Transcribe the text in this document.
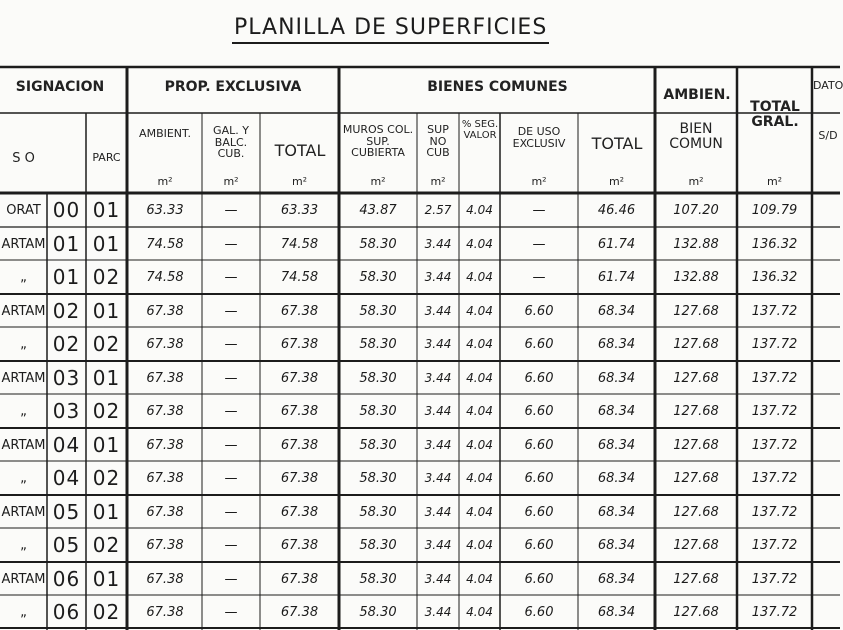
PLANILLA DE SUPERFICIES
SIGNACION	PROP. EXCLUSIVA	BIENES COMUNES	AMBIEN.
TOTAL GRAL.
DATO
S O	PARC
AMBIENT.	GAL. Y BALC. CUB.	TOTAL
MUROS COL. SUP. CUBIERTA
SUP NO CUB
% SEG. VALOR	DE USO EXCLUSIV	TOTAL
BIEN COMUN
S/D
m²	m²	m²	m²	m²	m²	m²	m²	m²
ORAT 00 01	63.33	—	63.33	43.87	2.57	4.04	—	46.46	107.20	109.79
ARTAM 01 01	74.58	—	74.58	58.30	3.44	4.04	—	61.74	132.88	136.32
„	01 02	74.58	—	74.58	58.30	3.44	4.04	—	61.74	132.88	136.32
ARTAM 02 01	67.38	—	67.38	58.30	3.44	4.04	6.60	68.34	127.68	137.72
„	02 02	67.38	—	67.38	58.30	3.44	4.04	6.60	68.34	127.68	137.72
ARTAM 03 01	67.38	—	67.38	58.30	3.44	4.04	6.60	68.34	127.68	137.72
„	03 02	67.38	—	67.38	58.30	3.44	4.04	6.60	68.34	127.68	137.72
ARTAM 04 01	67.38	—	67.38	58.30	3.44	4.04	6.60	68.34	127.68	137.72
„	04 02	67.38	—	67.38	58.30	3.44	4.04	6.60	68.34	127.68	137.72
ARTAM 05 01	67.38	—	67.38	58.30	3.44	4.04	6.60	68.34	127.68	137.72
„	05 02	67.38	—	67.38	58.30	3.44	4.04	6.60	68.34	127.68	137.72
ARTAM 06 01	67.38	—	67.38	58.30	3.44	4.04	6.60	68.34	127.68	137.72
„	06 02	67.38	—	67.38	58.30	3.44	4.04	6.60	68.34	127.68	137.72
